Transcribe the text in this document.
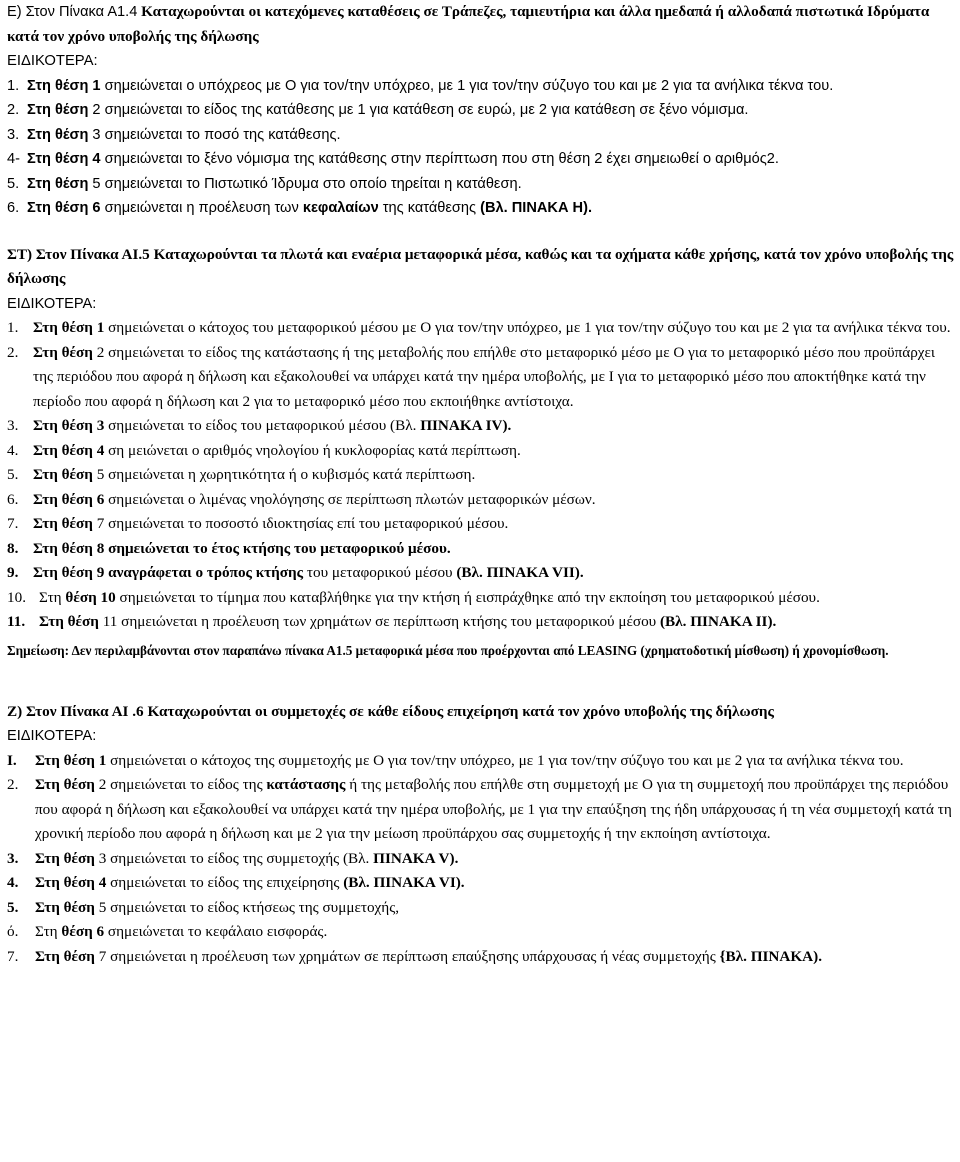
Ε) Στον Πίνακα Α1.4 Καταχωρούνται οι κατεχόμενες καταθέσεις σε Τράπεζες, ταμιευτήρια και άλλα ημεδαπά ή αλλοδαπά πιστωτικά Ιδρύματα κατά τον χρόνο υποβολής της δήλωσης

ΕΙΔΙΚΟΤΕΡΑ:

1. Στη θέση 1 σημειώνεται ο υπόχρεος με Ο για τον/την υπόχρεο, με 1 για τον/την σύζυγο του και με 2 για τα ανήλικα τέκνα του.
2. Στη θέση 2 σημειώνεται το είδος της κατάθεσης με 1 για κατάθεση σε ευρώ, με 2 για κατάθεση σε ξένο νόμισμα.
3. Στη θέση 3 σημειώνεται το ποσό της κατάθεσης.
4- Στη θέση 4 σημειώνεται το ξένο νόμισμα της κατάθεσης στην περίπτωση που στη θέση 2 έχει σημειωθεί ο αριθμός2.
5. Στη θέση 5 σημειώνεται το Πιστωτικό Ίδρυμα στο οποίο τηρείται η κατάθεση.
6. Στη θέση 6 σημειώνεται η προέλευση των κεφαλαίων της κατάθεσης (Βλ. ΠΙΝΑΚΑ Η).

ΣΤ) Στον Πίνακα ΑΙ.5 Καταχωρούνται τα πλωτά και εναέρια μεταφορικά μέσα, καθώς και τα οχήματα κάθε χρήσης, κατά τον χρόνο υποβολής της δήλωσης

ΕΙΔΙΚΟΤΕΡΑ:

1. Στη θέση 1 σημειώνεται ο κάτοχος του μεταφορικού μέσου με Ο για τον/την υπόχρεο, με 1 για τον/την σύζυγο του και με 2 για τα ανήλικα τέκνα του.
2. Στη θέση 2 σημειώνεται το είδος της κατάστασης ή της μεταβολής που επήλθε στο μεταφορικό μέσο με Ο για το μεταφορικό μέσο που προϋπάρχει της περιόδου που αφορά η δήλωση και εξακολουθεί να υπάρχει κατά την ημέρα υποβολής, με Ι για το μεταφορικό μέσο που αποκτήθηκε κατά την περίοδο που αφορά η δήλωση και 2 για το μεταφορικό μέσο που εκποιήθηκε αντίστοιχα.
3. Στη θέση 3 σημειώνεται το είδος του μεταφορικού μέσου (Βλ. ΠΙΝΑΚΑ IV).
4. Στη θέση 4 ση μειώνεται ο αριθμός νηολογίου ή κυκλοφορίας κατά περίπτωση.
5. Στη θέση 5 σημειώνεται η χωρητικότητα ή ο κυβισμός κατά περίπτωση.
6. Στη θέση 6 σημειώνεται ο λιμένας νηολόγησης σε περίπτωση πλωτών μεταφορικών μέσων.
7. Στη θέση 7 σημειώνεται το ποσοστό ιδιοκτησίας επί του μεταφορικού μέσου.
8. Στη θέση 8 σημειώνεται το έτος κτήσης του μεταφορικού μέσου.
9. Στη θέση 9 αναγράφεται ο τρόπος κτήσης του μεταφορικού μέσου (Βλ. ΠΙΝΑΚΑ VII).
10. Στη θέση 10 σημειώνεται το τίμημα που καταβλήθηκε για την κτήση ή εισπράχθηκε από την εκποίηση του μεταφορικού μέσου.
11. Στη θέση 11 σημειώνεται η προέλευση των χρημάτων σε περίπτωση κτήσης του μεταφορικού μέσου (Βλ. ΠΙΝΑΚΑ ΙΙ).

Σημείωση: Δεν περιλαμβάνονται στον παραπάνω πίνακα Α1.5 μεταφορικά μέσα που προέρχονται από LEASING (χρηματοδοτική μίσθωση) ή χρονομίσθωση.

Ζ) Στον Πίνακα ΑΙ .6 Καταχωρούνται οι συμμετοχές σε κάθε είδους επιχείρηση κατά τον χρόνο υποβολής της δήλωσης

ΕΙΔΙΚΟΤΕΡΑ:

Ι.	Στη θέση 1 σημειώνεται ο κάτοχος της συμμετοχής με Ο για τον/την υπόχρεο, με 1 για τον/την σύζυγο του και με 2 για τα ανήλικα τέκνα του.
2.	Στη θέση 2 σημειώνεται το είδος της κατάστασης ή της μεταβολής που επήλθε στη συμμετοχή με Ο για τη συμμετοχή που προϋπάρχει της περιόδου που αφορά η δήλωση και εξακολουθεί να υπάρχει κατά την ημέρα υποβολής, με 1 για την επαύξηση της ήδη υπάρχουσας ή τη νέα συμμετοχή κατά τη χρονική περίοδο που αφορά η δήλωση και με 2 για την μείωση προϋπάρχου σας συμμετοχής ή την εκποίηση αντίστοιχα.
3.	Στη θέση 3 σημειώνεται το είδος της συμμετοχής (Βλ. ΠΙΝΑΚΑ V).
4.	Στη θέση 4 σημειώνεται το είδος της επιχείρησης (Βλ. ΠΙΝΑΚΑ VI).
5.	Στη θέση 5 σημειώνεται το είδος κτήσεως της συμμετοχής,
ό.	Στη θέση 6 σημειώνεται το κεφάλαιο εισφοράς.
7.	Στη θέση 7 σημειώνεται η προέλευση των χρημάτων σε περίπτωση επαύξησης υπάρχουσας ή νέας συμμετοχής {Βλ. ΠΙΝΑΚΑ).
